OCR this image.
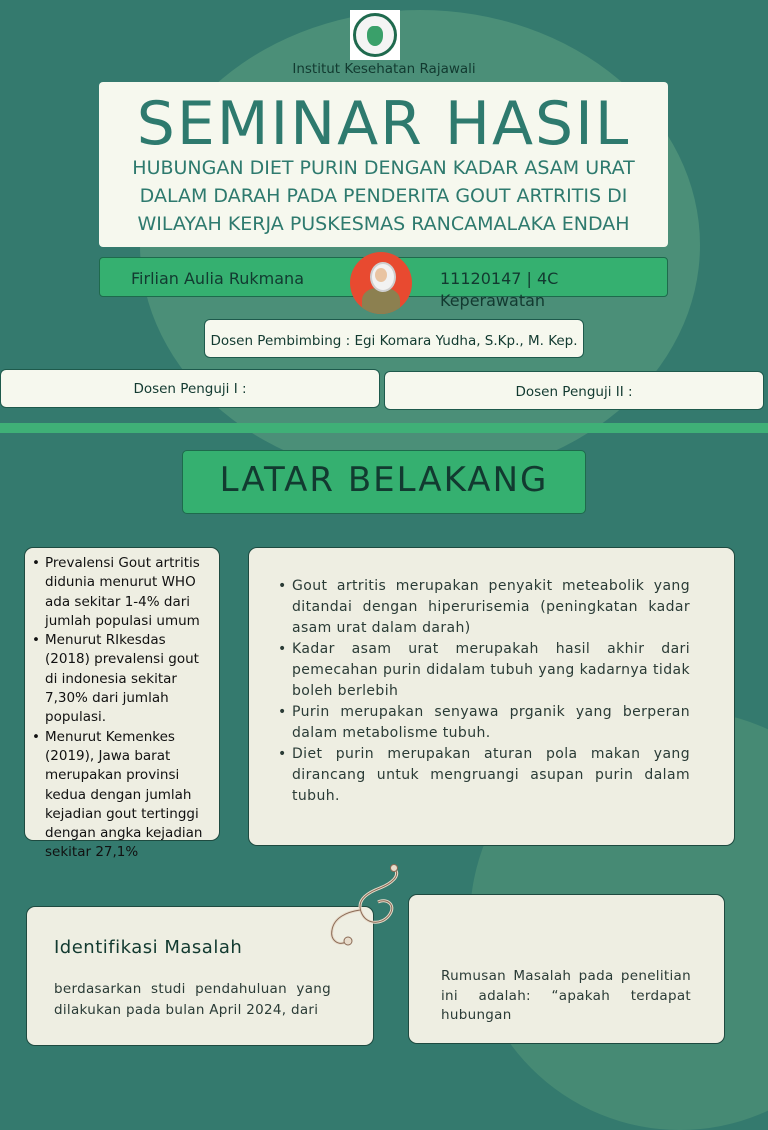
Institut Kesehatan Rajawali
SEMINAR HASIL
HUBUNGAN DIET PURIN DENGAN KADAR ASAM URAT DALAM DARAH PADA PENDERITA GOUT ARTRITIS DI WILAYAH KERJA PUSKESMAS RANCAMALAKA ENDAH
Firlian Aulia Rukmana	11120147 | 4C Keperawatan
Dosen Pembimbing : Egi Komara Yudha, S.Kp., M. Kep.
Dosen Penguji I :	Dosen Penguji II :
LATAR BELAKANG
• Prevalensi Gout artritis didunia menurut WHO ada sekitar 1-4% dari jumlah populasi umum
• Menurut RIkesdas (2018) prevalensi gout di indonesia sekitar 7,30% dari jumlah populasi.
• Menurut Kemenkes (2019), Jawa barat merupakan provinsi kedua dengan jumlah kejadian gout tertinggi dengan angka kejadian sekitar 27,1%
• Gout artritis merupakan penyakit meteabolik yang ditandai dengan hiperurisemia (peningkatan kadar asam urat dalam darah)
• Kadar asam urat merupakah hasil akhir dari pemecahan purin didalam tubuh yang kadarnya tidak boleh berlebih
• Purin merupakan senyawa prganik yang berperan dalam metabolisme tubuh.
• Diet purin merupakan aturan pola makan yang dirancang untuk mengruangi asupan purin dalam tubuh.
Identifikasi Masalah
berdasarkan studi pendahuluan yang dilakukan pada bulan April 2024, dari
Rumusan Masalah pada penelitian ini adalah: “apakah terdapat hubungan
